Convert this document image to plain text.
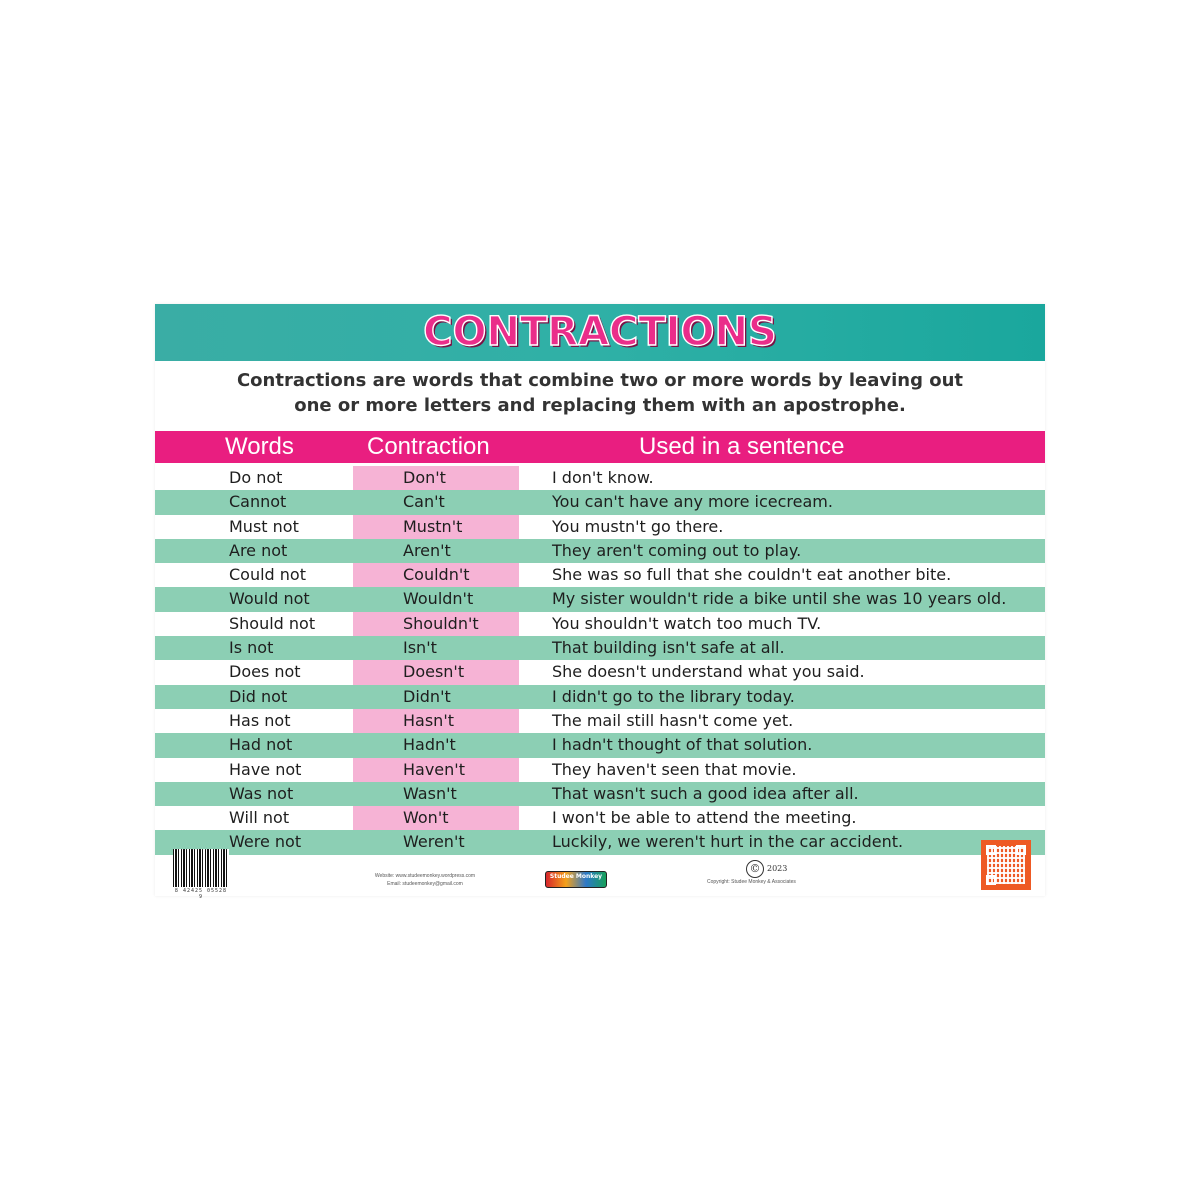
CONTRACTIONS
Contractions are words that combine two or more words by leaving out one or more letters and replacing them with an apostrophe.
Words	Contraction	Used in a sentence
Do not	Don't	I don't know.
Cannot	Can't	You can't have any more icecream.
Must not	Mustn't	You mustn't go there.
Are not	Aren't	They aren't coming out to play.
Could not	Couldn't	She was so full that she couldn't eat another bite.
Would not	Wouldn't	My sister wouldn't ride a bike until she was 10 years old.
Should not	Shouldn't	You shouldn't watch too much TV.
Is not	Isn't	That building isn't safe at all.
Does not	Doesn't	She doesn't understand what you said.
Did not	Didn't	I didn't go to the library today.
Has not	Hasn't	The mail still hasn't come yet.
Had not	Hadn't	I hadn't thought of that solution.
Have not	Haven't	They haven't seen that movie.
Was not	Wasn't	That wasn't such a good idea after all.
Will not	Won't	I won't be able to attend the meeting.
Were not	Weren't	Luckily, we weren't hurt in the car accident.
8 42425 05528 9
Website: www.studeemonkey.wordpress.com
Email: studeemonkey@gmail.com
Studee Monkey
© 2023
Copyright: Studee Monkey & Associates
